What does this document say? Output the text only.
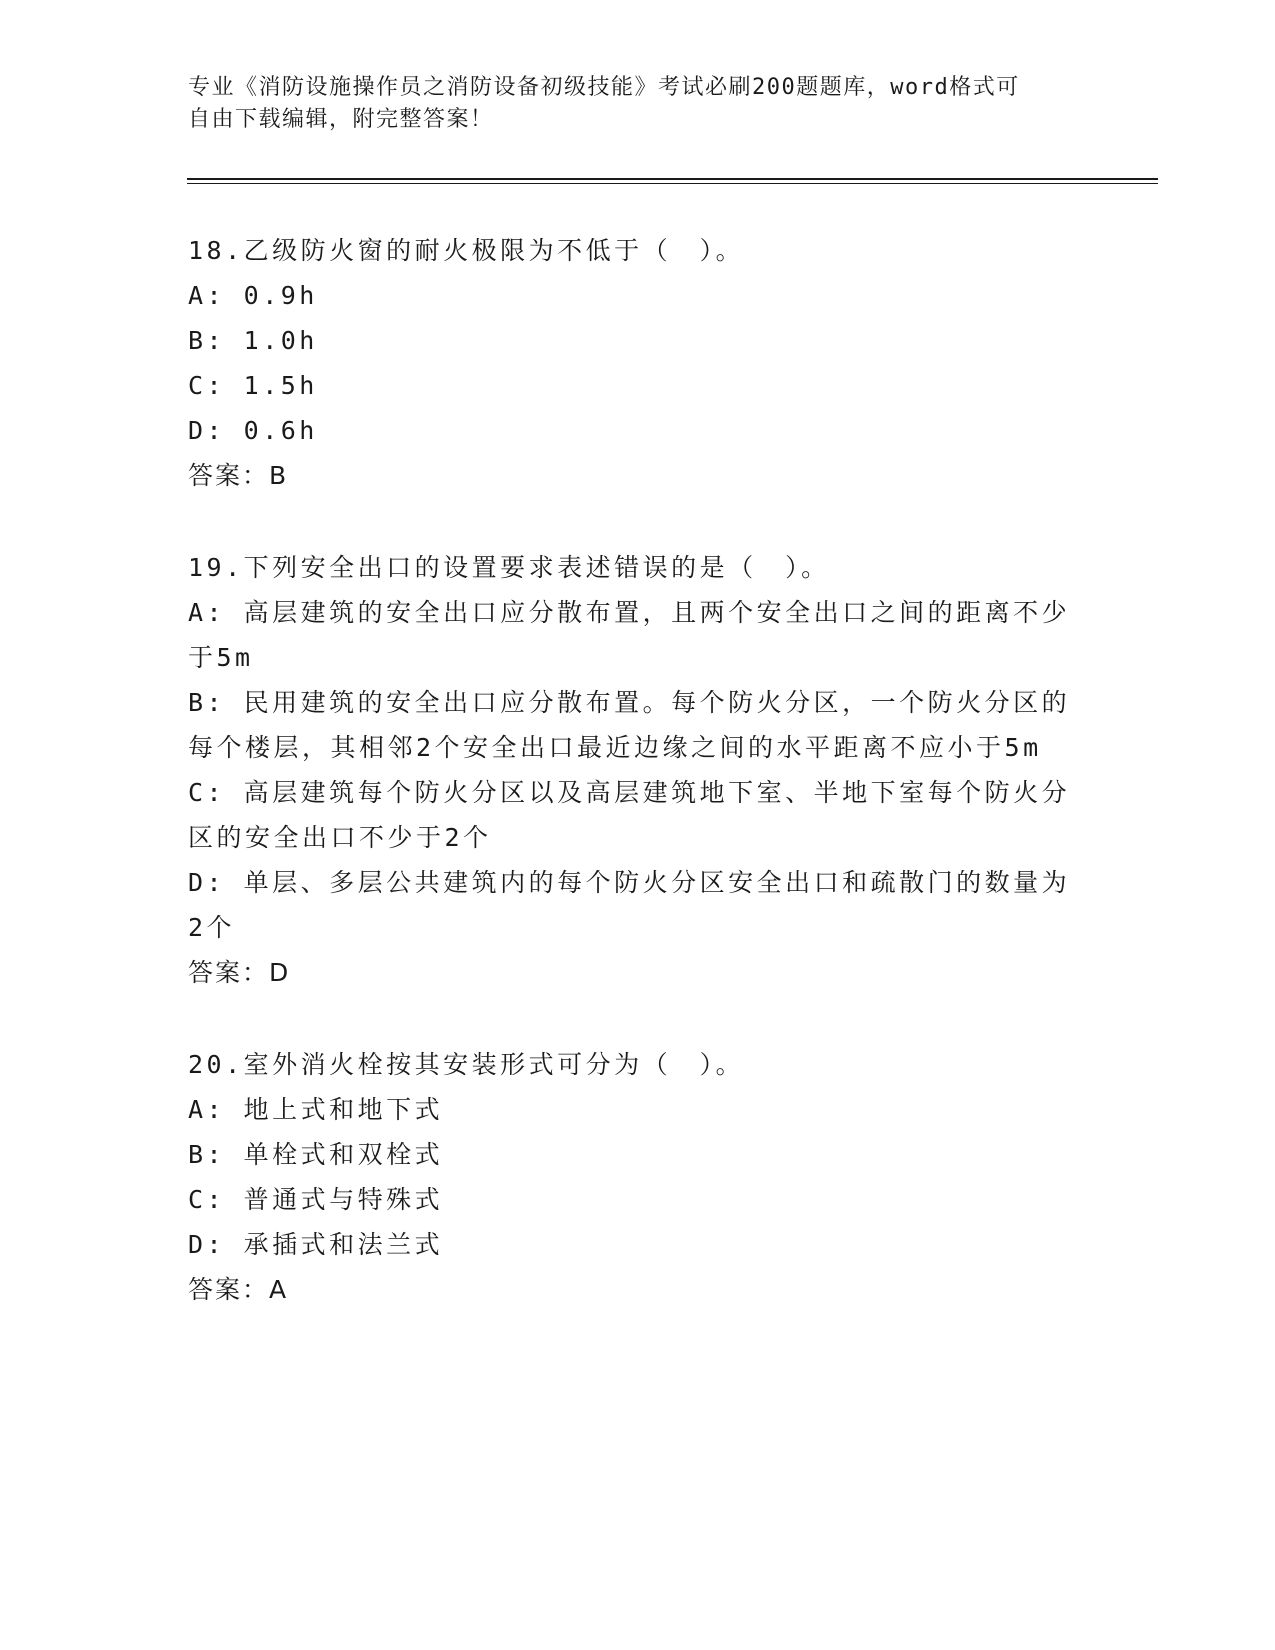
专业《消防设施操作员之消防设备初级技能》考试必刷200题题库，word格式可
自由下载编辑，附完整答案！
18.乙级防火窗的耐火极限为不低于（　）。
A: 0.9h
B: 1.0h
C: 1.5h
D: 0.6h
答案：B
19.下列安全出口的设置要求表述错误的是（　）。
A: 高层建筑的安全出口应分散布置，且两个安全出口之间的距离不少
于5m
B: 民用建筑的安全出口应分散布置。每个防火分区，一个防火分区的
每个楼层，其相邻2个安全出口最近边缘之间的水平距离不应小于5m
C: 高层建筑每个防火分区以及高层建筑地下室、半地下室每个防火分
区的安全出口不少于2个
D: 单层、多层公共建筑内的每个防火分区安全出口和疏散门的数量为
2个
答案：D
20.室外消火栓按其安装形式可分为（　）。
A: 地上式和地下式
B: 单栓式和双栓式
C: 普通式与特殊式
D: 承插式和法兰式
答案：A
